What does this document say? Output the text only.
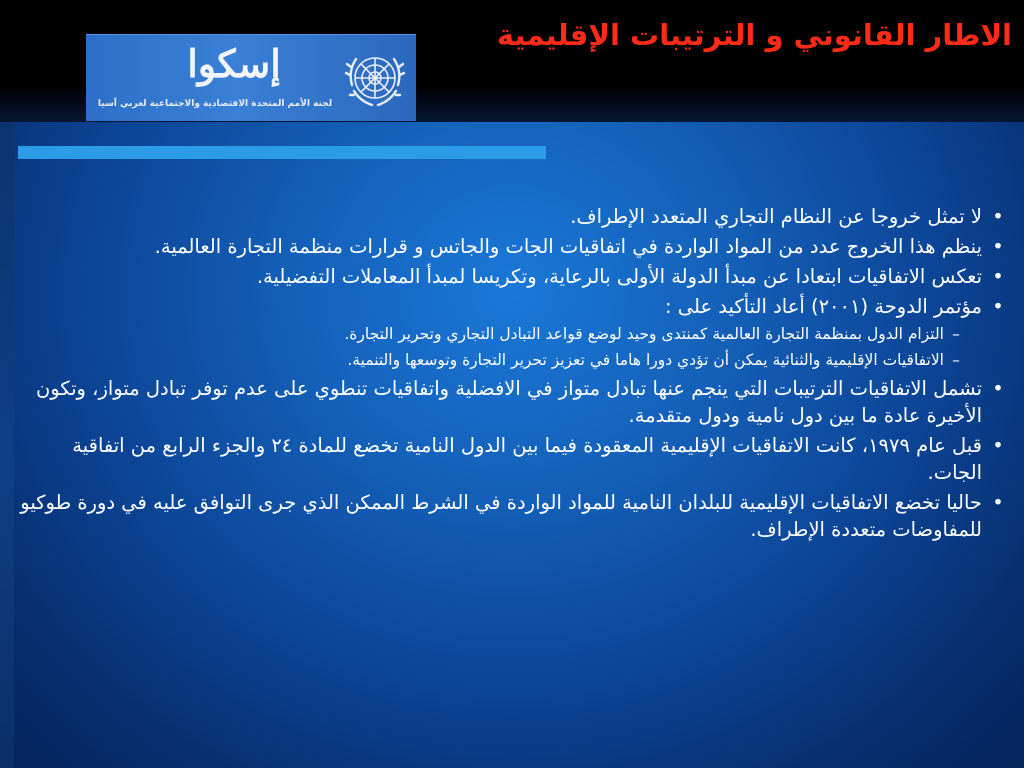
إسكوا
لجنة الأمم المتحدة الاقتصادية والاجتماعية لغربي آسيا
الاطار القانوني و الترتيبات الإقليمية
•
لا تمثل خروجا عن النظام التجاري المتعدد الإطراف.
•
ينظم هذا الخروج عدد من المواد الواردة في اتفاقيات الجات والجاتس و قرارات منظمة التجارة العالمية.
•
تعكس الاتفاقيات ابتعادا عن مبدأ الدولة الأولى بالرعاية، وتكريسا لمبدأ المعاملات التفضيلية.
•
مؤتمر الدوحة (٢٠٠١) أعاد التأكيد على :
–
التزام الدول بمنظمة التجارة العالمية كمنتدى وحيد لوضع قواعد التبادل التجاري وتحرير التجارة.
–
الاتفاقيات الإقليمية والثنائية يمكن أن تؤدي دورا هاما في تعزيز تحرير التجارة وتوسعها والتنمية.
•
تشمل الاتفاقيات الترتيبات التي ينجم عنها تبادل متواز في الافضلية واتفاقيات تنطوي على عدم توفر تبادل متواز، وتكون الأخيرة عادة ما بين دول نامية ودول متقدمة.
•
قبل عام ١٩٧٩، كانت الاتفاقيات الإقليمية المعقودة فيما بين الدول النامية تخضع للمادة ٢٤ والجزء الرابع من اتفاقية الجات.
•
حاليا تخضع الاتفاقيات الإقليمية للبلدان النامية للمواد الواردة في الشرط الممكن الذي جرى التوافق عليه في دورة طوكيو للمفاوضات متعددة الإطراف.
